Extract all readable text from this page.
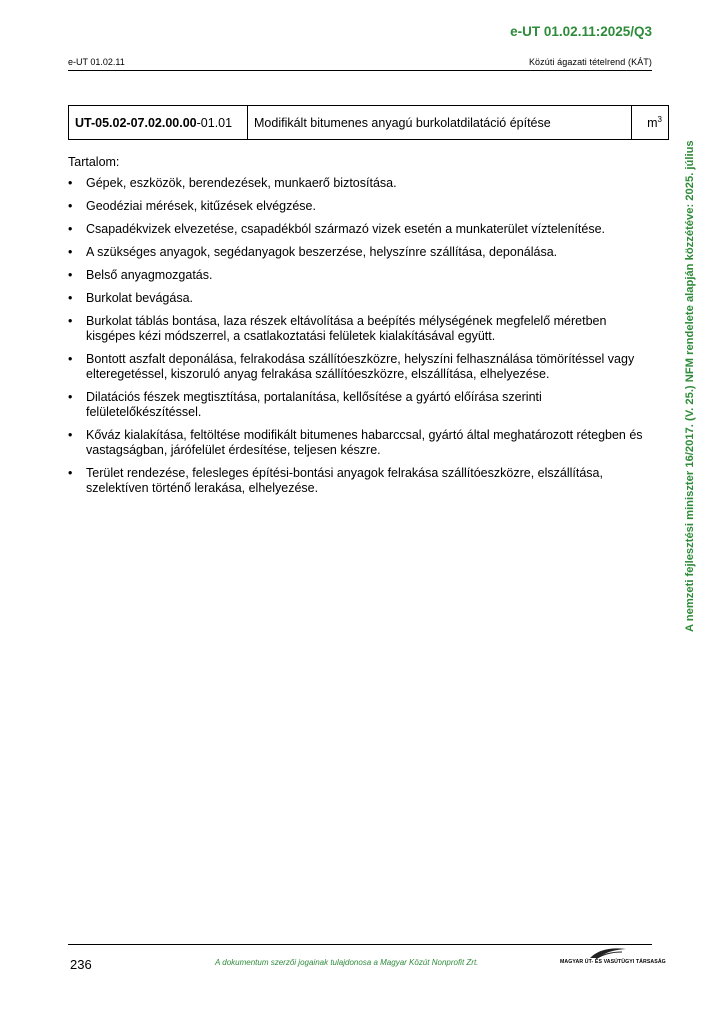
e-UT 01.02.11:2025/Q3
e-UT 01.02.11	Közúti ágazati tételrend (KÁT)
UT-05.02-07.02.00.00-01.01	Modifikált bitumenes anyagú burkolatdilatáció építése	$m^3$
Tartalom:
• Gépek, eszközök, berendezések, munkaerő biztosítása.
• Geodéziai mérések, kitűzések elvégzése.
• Csapadékvizek elvezetése, csapadékból származó vizek esetén a munkaterület víztelenítése.
• A szükséges anyagok, segédanyagok beszerzése, helyszínre szállítása, deponálása.
• Belső anyagmozgatás.
• Burkolat bevágása.
• Burkolat táblás bontása, laza részek eltávolítása a beépítés mélységének megfelelő méretben kisgépes kézi módszerrel, a csatlakoztatási felületek kialakításával együtt.
• Bontott aszfalt deponálása, felrakodása szállítóeszközre, helyszíni felhasználása tömörítéssel vagy elteregetéssel, kiszoruló anyag felrakása szállítóeszközre, elszállítása, elhelyezése.
• Dilatációs fészek megtisztítása, portalanítása, kellősítése a gyártó előírása szerinti felületelőkészítéssel.
• Kőváz kialakítása, feltöltése modifikált bitumenes habarccsal, gyártó által meghatározott rétegben és vastagságban, járófelület érdesítése, teljesen készre.
• Terület rendezése, felesleges építési-bontási anyagok felrakása szállítóeszközre, elszállítása, szelektíven történő lerakása, elhelyezése.	A nemzeti fejlesztési miniszter 16/2017. (V. 25.) NFM rendelete alapján közzétéve: 2025. július
236	A dokumentum szerzői jogainak tulajdonosa a Magyar Közút Nonprofit Zrt.	MAGYAR ÚT- ÉS VASÚTÜGYI TÁRSASÁG
